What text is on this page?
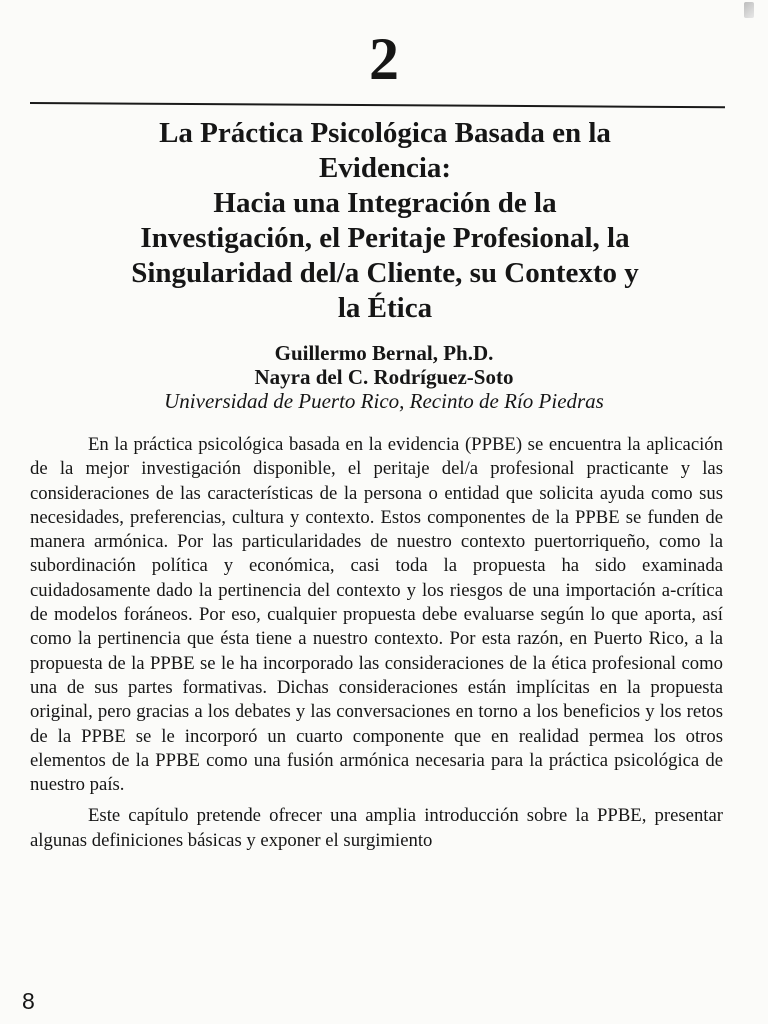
2
La Práctica Psicológica Basada en la
Evidencia:
Hacia una Integración de la
Investigación, el Peritaje Profesional, la
Singularidad del/a Cliente, su Contexto y
la Ética
Guillermo Bernal, Ph.D.
Nayra del C. Rodríguez-Soto
Universidad de Puerto Rico, Recinto de Río Piedras

En la práctica psicológica basada en la evidencia (PPBE) se encuentra la aplicación de la mejor investigación disponible, el peritaje del/a profesional practicante y las consideraciones de las características de la persona o entidad que solicita ayuda como sus necesidades, preferencias, cultura y contexto. Estos componentes de la PPBE se funden de manera armónica. Por las particularidades de nuestro contexto puertorriqueño, como la subordinación política y económica, casi toda la propuesta ha sido examinada cuidadosamente dado la pertinencia del contexto y los riesgos de una importación a-crítica de modelos foráneos. Por eso, cualquier propuesta debe evaluarse según lo que aporta, así como la pertinencia que ésta tiene a nuestro contexto. Por esta razón, en Puerto Rico, a la propuesta de la PPBE se le ha incorporado las consideraciones de la ética profesional como una de sus partes formativas. Dichas consideraciones están implícitas en la propuesta original, pero gracias a los debates y las conversaciones en torno a los beneficios y los retos de la PPBE se le incorporó un cuarto componente que en realidad permea los otros elementos de la PPBE como una fusión armónica necesaria para la práctica psicológica de nuestro país.

Este capítulo pretende ofrecer una amplia introducción sobre la PPBE, presentar algunas definiciones básicas y exponer el surgimiento

8
